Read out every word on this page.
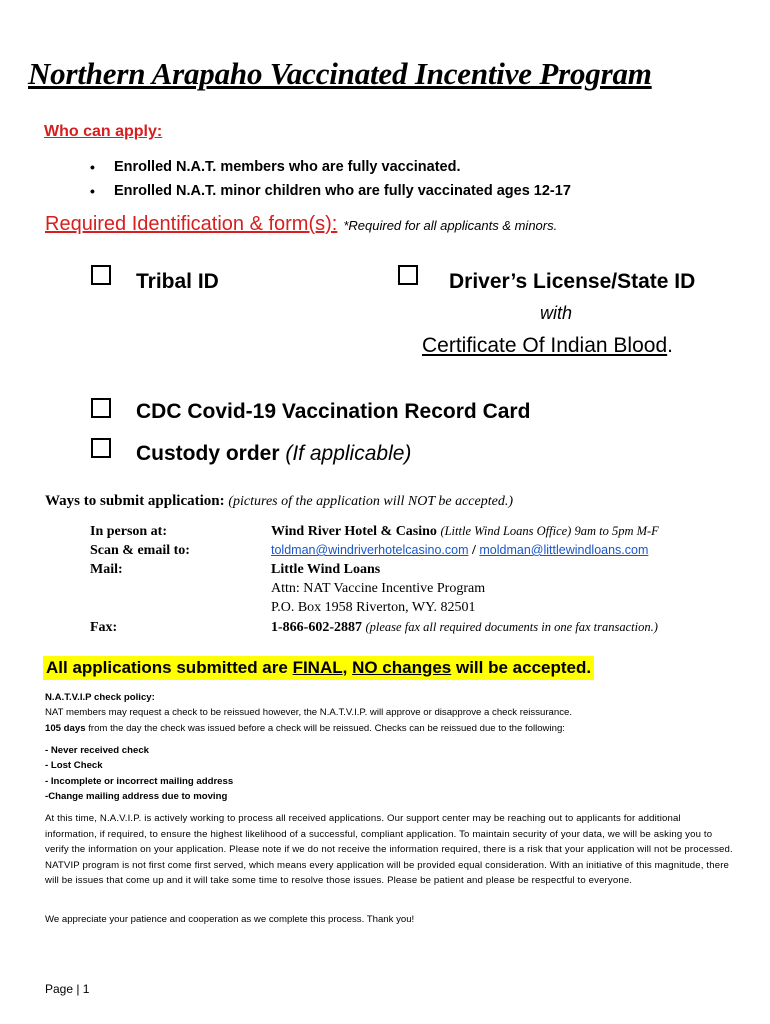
Northern Arapaho Vaccinated Incentive Program
Who can apply:
• Enrolled N.A.T. members who are fully vaccinated.
• Enrolled N.A.T. minor children who are fully vaccinated ages 12-17
Required Identification & form(s): *Required for all applicants & minors.
Tribal ID	Driver’s License/State ID
with
Certificate Of Indian Blood.
CDC Covid-19 Vaccination Record Card
Custody order (If applicable)
Ways to submit application: (pictures of the application will NOT be accepted.)
In person at:	Wind River Hotel & Casino (Little Wind Loans Office) 9am to 5pm M-F
Scan & email to:	toldman@windriverhotelcasino.com / moldman@littlewindloans.com
Mail:	Little Wind Loans
Attn: NAT Vaccine Incentive Program
P.O. Box 1958 Riverton, WY. 82501
Fax:	1-866-602-2887 (please fax all required documents in one fax transaction.)
All applications submitted are FINAL, NO changes will be accepted.
N.A.T.V.I.P check policy:
NAT members may request a check to be reissued however, the N.A.T.V.I.P. will approve or disapprove a check reissurance.
105 days from the day the check was issued before a check will be reissued. Checks can be reissued due to the following:
- Never received check
- Lost Check
- Incomplete or incorrect mailing address
-Change mailing address due to moving
At this time, N.A.V.I.P. is actively working to process all received applications. Our support center may be reaching out to applicants for additional information, if required, to ensure the highest likelihood of a successful, compliant application. To maintain security of your data, we will be asking you to verify the information on your application. Please note if we do not receive the information required, there is a risk that your application will not be processed. NATVIP program is not first come first served, which means every application will be provided equal consideration. With an initiative of this magnitude, there will be issues that come up and it will take some time to resolve those issues. Please be patient and please be respectful to everyone.
We appreciate your patience and cooperation as we complete this process. Thank you!
Page | 1
